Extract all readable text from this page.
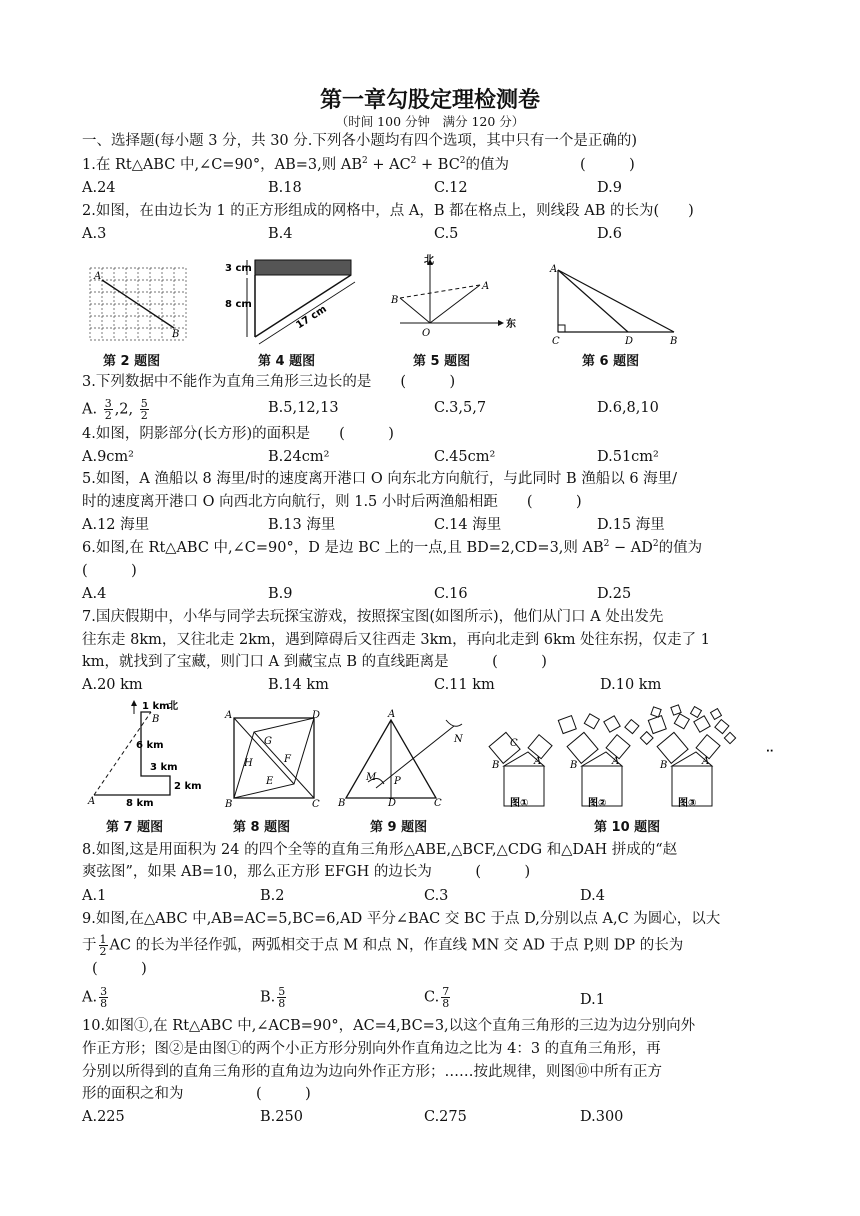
第一章勾股定理检测卷
（时间 100 分钟　满分 120 分）
一、选择题(每小题 3 分，共 30 分.下列各小题均有四个选项，其中只有一个是正确的)
1.在 Rt△ABC 中,∠C=90°，AB=3,则 $AB^2 + AC^2 + BC^2$的值为	(　　　)
A.24	B.18	C.12	D.9
2.如图，在由边长为 1 的正方形组成的网格中，点 A，B 都在格点上，则线段 AB 的长为(　　)
A.3	B.4	C.5	D.6
A
B
第 2 题图
3 cm
8 cm	17 cm
第 4 题图
北
东
A
B
O
第 5 题图
A
C	D	B
第 6 题图
3.下列数据中不能作为直角三角形三边长的是　　(　　　)
A. $\frac{3}{2} ,2$, $\frac{5}{2}$	B.5,12,13	C.3,5,7	D.6,8,10
4.如图，阴影部分(长方形)的面积是　　(　　　)
A.9cm²	B.24cm²	C.45cm²	D.51cm²
5.如图，A 渔船以 8 海里/时的速度离开港口 O 向东北方向航行，与此同时 B 渔船以 6 海里/
时的速度离开港口 O 向西北方向航行，则 1.5 小时后两渔船相距　　(　　　)
A.12 海里	B.13 海里	C.14 海里	D.15 海里
6.如图,在 Rt△ABC 中,∠C=90°，D 是边 BC 上的一点,且 BD=2,CD=3,则 $AB^2 - AD^2$的值为
(　　　)
A.4	B.9	C.16	D.25
7.国庆假期中，小华与同学去玩探宝游戏，按照探宝图(如图所示)，他们从门口 A 处出发先
往东走 8km，又往北走 2km，遇到障碍后又往西走 3km，再向北走到 6km 处往东拐，仅走了 1
km，就找到了宝藏，则门口 A 到藏宝点 B 的直线距离是　　　(　　　)
A.20 km	B.14 km	C.11 km	D.10 km
1 km
北
6 km
3 km
2 km
8 km
A
B
第 7 题图
A	D
B	C
G
F
H
E
第 8 题图
A
B	D	C
M P
N
第 9 题图
B	A
C
B	A	B	A
··
图①	图②	图③
第 10 题图
8.如图,这是用面积为 24 的四个全等的直角三角形△ABE,△BCF,△CDG 和△DAH 拼成的“赵
爽弦图”，如果 AB=10，那么正方形 EFGH 的边长为　　　(　　　)
A.1	B.2	C.3	D.4
9.如图,在△ABC 中,AB=AC=5,BC=6,AD 平分∠BAC 交 BC 于点 D,分别以点 A,C 为圆心，以大
于 $\frac{1}{2}$ AC 的长为半径作弧，两弧相交于点 M 和点 N，作直线 MN 交 AD 于点 P,则 DP 的长为
(　　　)
A. $\frac{3}{8}$	B. $\frac{5}{8}$	C. $\frac{7}{8}$	D.1
10.如图①,在 Rt△ABC 中,∠ACB=90°，AC=4,BC=3,以这个直角三角形的三边为边分别向外
作正方形；图②是由图①的两个小正方形分别向外作直角边之比为 4：3 的直角三角形，再
分别以所得到的直角三角形的直角边为边向外作正方形；……按此规律，则图⑩中所有正方
形的面积之和为　　　　　(　　　)
A.225	B.250	C.275	D.300
